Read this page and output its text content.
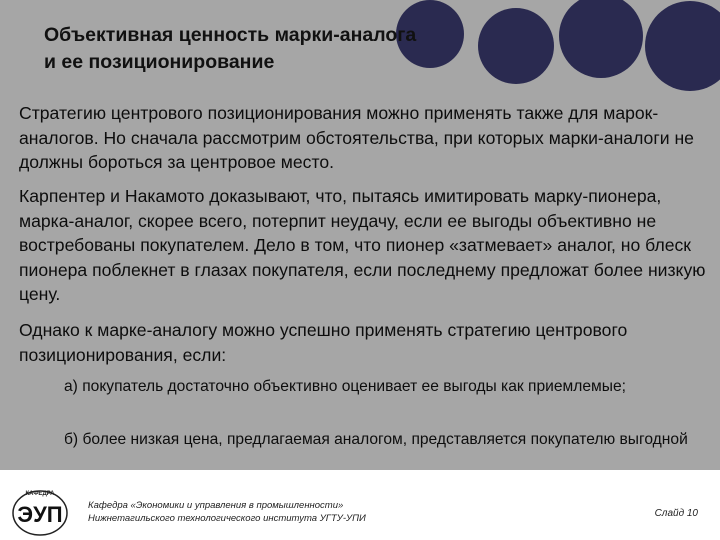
Объективная ценность марки-аналога
и ее позиционирование
Стратегию центрового позиционирования можно применять также для марок-аналогов. Но сначала рассмотрим обстоятельства, при которых марки-аналоги не должны бороться за центровое место.
Карпентер и Накамото доказывают, что, пытаясь имитировать марку-пионера, марка-аналог, скорее всего, потерпит неудачу, если ее выгоды объективно не востребованы покупателем. Дело в том, что пионер «затмевает» аналог, но блеск пионера поблекнет в глазах покупателя, если последнему предложат более низкую цену.
Однако к марке-аналогу можно успешно применять стратегию центрового позиционирования, если:
а) покупатель достаточно объективно оценивает ее выгоды как приемлемые;
б) более низкая цена, предлагаемая аналогом, представляется покупателю выгодной
КАФЕДРА
ЭУП	Кафедра «Экономики и управления в промышленности»
Нижнетагильского технологического института УГТУ-УПИ	Слайд 10
